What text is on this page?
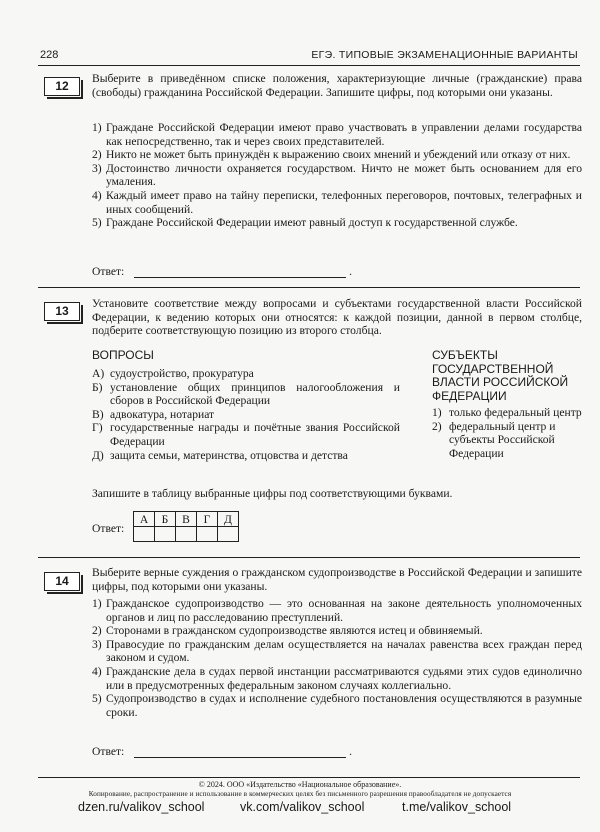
228	ЕГЭ. ТИПОВЫЕ ЭКЗАМЕНАЦИОННЫЕ ВАРИАНТЫ
12
Выберите в приведённом списке положения, характеризующие личные (гражданские) права (свободы) гражданина Российской Федерации. Запишите цифры, под которыми они указаны.
1) Граждане Российской Федерации имеют право участвовать в управлении делами государства как непосредственно, так и через своих представителей.
2) Никто не может быть принуждён к выражению своих мнений и убеждений или отказу от них.
3) Достоинство личности охраняется государством. Ничто не может быть основанием для его умаления.
4) Каждый имеет право на тайну переписки, телефонных переговоров, почтовых, телеграфных и иных сообщений.
5) Граждане Российской Федерации имеют равный доступ к государственной службе.
Ответ:	.
13
Установите соответствие между вопросами и субъектами государственной власти Российской Федерации, к ведению которых они относятся: к каждой позиции, данной в первом столбце, подберите соответствующую позицию из второго столбца.
ВОПРОСЫ	СУБЪЕКТЫ ГОСУДАРСТВЕННОЙ ВЛАСТИ РОССИЙСКОЙ ФЕДЕРАЦИИ
А) судоустройство, прокуратура
Б) установление общих принципов налогообложения и сборов в Российской Федерации
В) адвокатура, нотариат
Г) государственные награды и почётные звания Российской Федерации
Д) защита семьи, материнства, отцовства и детства
1) только федеральный центр
2) федеральный центр и субъекты Российской Федерации
Запишите в таблицу выбранные цифры под соответствующими буквами.
Ответ:
А	Б	В	Г	Д

14
Выберите верные суждения о гражданском судопроизводстве в Российской Федерации и запишите цифры, под которыми они указаны.
1) Гражданское судопроизводство — это основанная на законе деятельность уполномоченных органов и лиц по расследованию преступлений.
2) Сторонами в гражданском судопроизводстве являются истец и обвиняемый.
3) Правосудие по гражданским делам осуществляется на началах равенства всех граждан перед законом и судом.
4) Гражданские дела в судах первой инстанции рассматриваются судьями этих судов единолично или в предусмотренных федеральным законом случаях коллегиально.
5) Судопроизводство в судах и исполнение судебного постановления осуществляются в разумные сроки.
Ответ:	.
© 2024. ООО «Издательство «Национальное образование».
Копирование, распространение и использование в коммерческих целях без письменного разрешения правообладателя не допускается
dzen.ru/valikov_school	vk.com/valikov_school	t.me/valikov_school
